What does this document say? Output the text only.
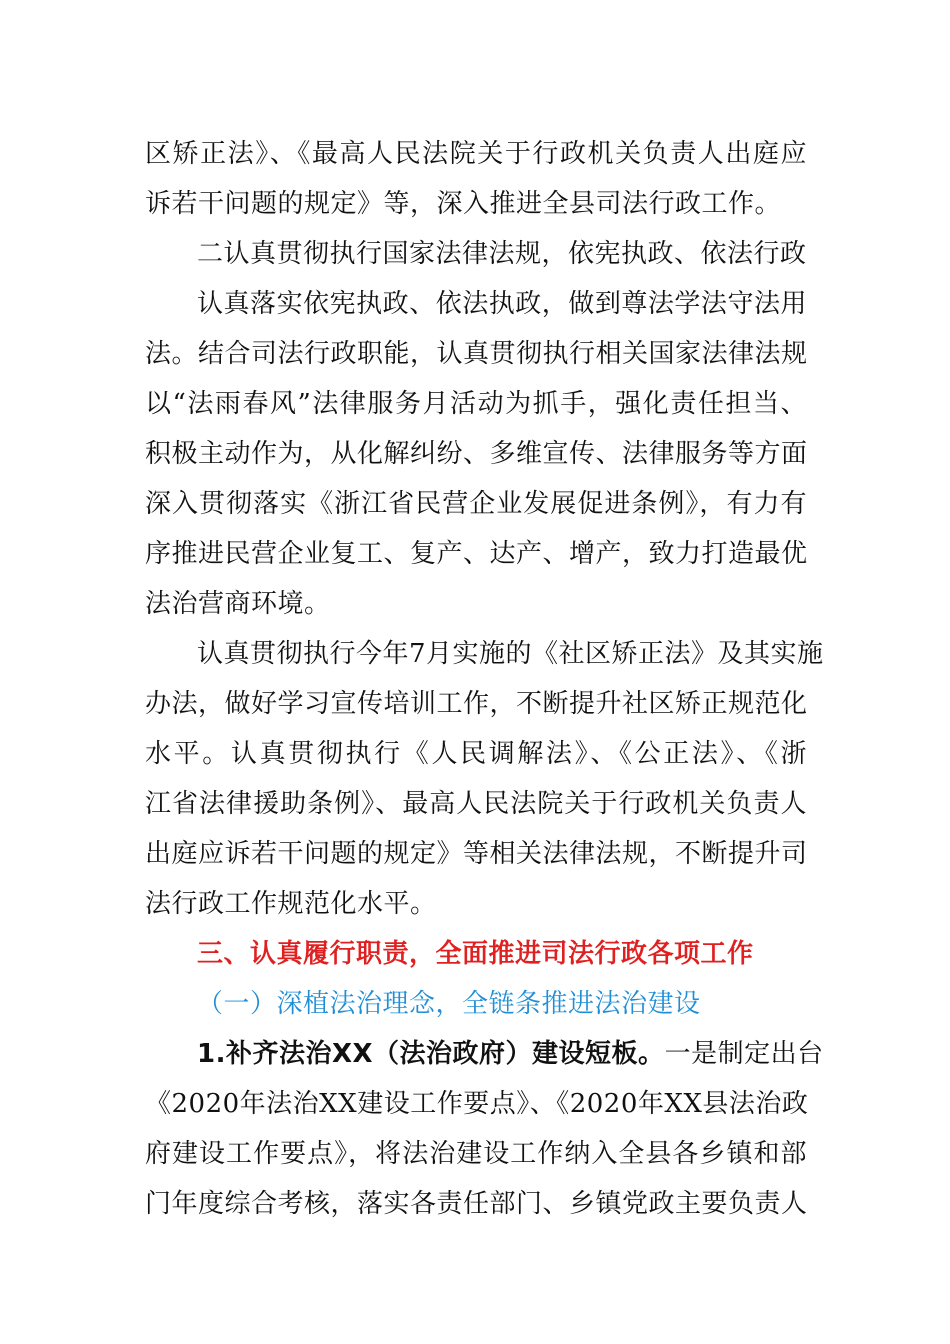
区矫正法》、《最高人民法院关于行政机关负责人出庭应
诉若干问题的规定》等，深入推进全县司法行政工作。
二认真贯彻执行国家法律法规，依宪执政、依法行政
认真落实依宪执政、依法执政，做到尊法学法守法用
法。结合司法行政职能，认真贯彻执行相关国家法律法规
以“法雨春风”法律服务月活动为抓手，强化责任担当、
积极主动作为，从化解纠纷、多维宣传、法律服务等方面
深入贯彻落实《浙江省民营企业发展促进条例》，有力有
序推进民营企业复工、复产、达产、增产，致力打造最优
法治营商环境。
认真贯彻执行今年7月实施的《社区矫正法》及其实施
办法，做好学习宣传培训工作，不断提升社区矫正规范化
水平。认真贯彻执行《人民调解法》、《公正法》、《浙
江省法律援助条例》、最高人民法院关于行政机关负责人
出庭应诉若干问题的规定》等相关法律法规，不断提升司
法行政工作规范化水平。
三、认真履行职责，全面推进司法行政各项工作
（一）深植法治理念，全链条推进法治建设
1.补齐法治XX（法治政府）建设短板。一是制定出台
《2020年法治XX建设工作要点》、《2020年XX县法治政
府建设工作要点》，将法治建设工作纳入全县各乡镇和部
门年度综合考核，落实各责任部门、乡镇党政主要负责人
